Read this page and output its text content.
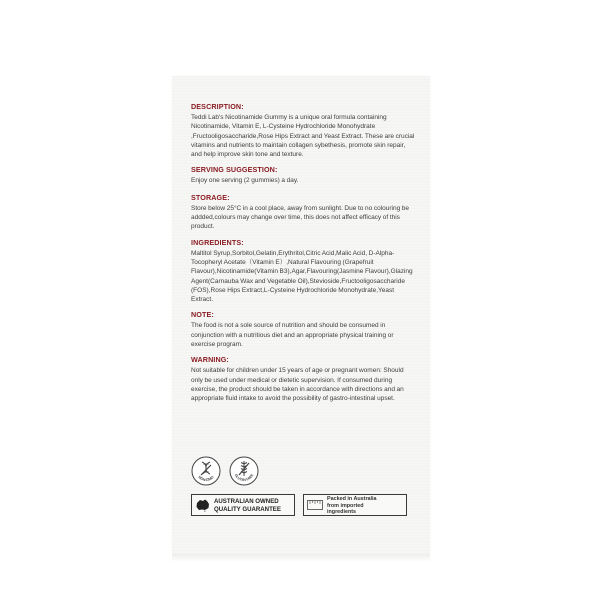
DESCRIPTION:
Teddi Lab's Nicotinamide Gummy is a unique oral formula containing Nicotinamide, Vitamin E, L-Cysteine Hydrochloride Monohydrate ,Fructooligosaccharide,Rose Hips Extract and Yeast Extract. These are crucial vitamins and nutrients to maintain collagen sybethesis, promote skin repair, and help improve skin tone and texture.
SERVING SUGGESTION:
Enjoy one serving (2 gummies) a day.
STORAGE:
Store below 25°C in a cool place, away from sunlight. Due to no colouring be addded,colours may change over time, this does not affect efficacy of this product.
INGREDIENTS:
Maltitol Syrup,Sorbitol,Gelatin,Erythritol,Citric Acid,Malic Acid, D-Alpha-Tocopheryl Acetate（Vitamin E）,Natural Flavouring (Grapefruit Flavour),Nicotinamide(Vitamin B3),Agar,Flavouring(Jasmine Flavour),Glazing Agent(Carnauba Wax and Vegetable Oil),Stevioside,Fructooligosaccharide (FOS),Rose Hips Extract,L-Cysteine Hydrochloride Monohydrate,Yeast Extract.
NOTE:
The food is not a sole source of nutrition and should be consumed in conjunction with a nutritious diet and an appropriate physical training or exercise program.
WARNING:
Not suitable for children under 15 years of age or pregnant women: Should only be used under medical or dietetic supervision. If consumed during exercise, the product should be taken in accordance with directions and an appropriate fluid intake to avoid the possibility of gastro-intestinal upset.
NON-GMO	GLUTEN FREE
AUSTRALIAN OWNED
QUALITY GUARANTEE
Packed in Australia
from imported
ingredients
